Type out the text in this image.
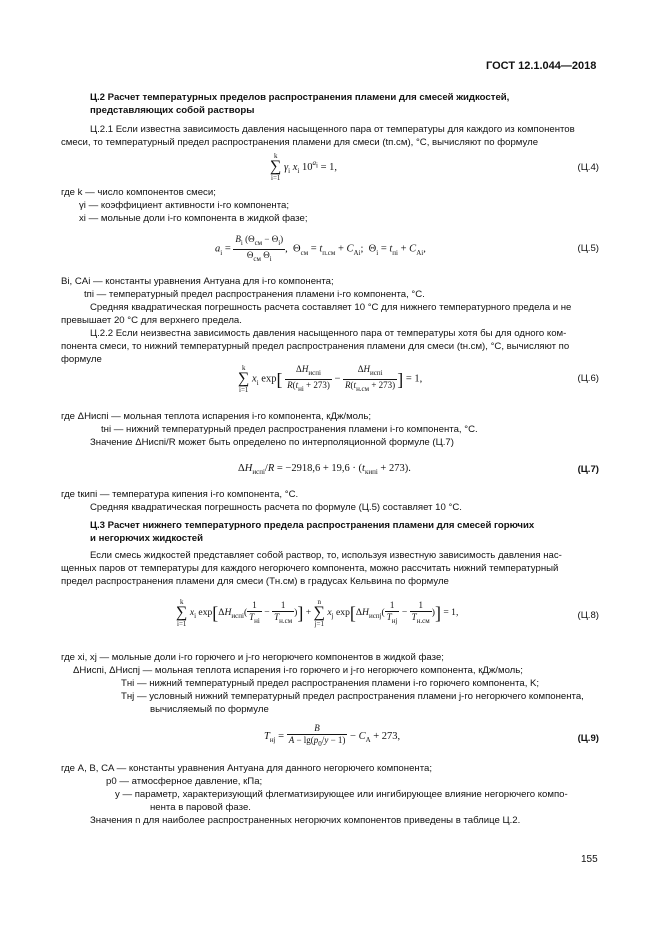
ГОСТ 12.1.044—2018
Ц.2 Расчет температурных пределов распространения пламени для смесей жидкостей,
представляющих собой растворы
Ц.2.1 Если известна зависимость давления насыщенного пара от температуры для каждого из компонентов
смеси, то температурный предел распространения пламени для смеси (tп.см), °С, вычисляют по формуле
k
∑
i=1 $\gamma_i$ $x_i$ $10^{a_i} = 1$,	(Ц.4)
где k — число компонентов смеси;
γi — коэффициент активности i-го компонента;
xi — мольные доли i-го компонента в жидкой фазе;
$a_i = \frac{B_i (\Theta_{см} - \Theta_i)}{\Theta_{см} \Theta_i}$ ,  $\Theta_{см} = t_{п.см} + C_{Ai}$;  $\Theta_i = t_{пi} + C_{Ai}$,	(Ц.5)
Bi, CAi — константы уравнения Антуана для i-го компонента;
tпi — температурный предел распространения пламени i-го компонента, °С.
Средняя квадратическая погрешность расчета составляет 10 °С для нижнего температурного предела и не
превышает 20 °С для верхнего предела.
Ц.2.2 Если неизвестна зависимость давления насыщенного пара от температуры хотя бы для одного ком-
понента смеси, то нижний температурный предел распространения пламени для смеси (tн.см), °С, вычисляют по
формуле
k
∑
i=1 $x_i$ $\exp[ \frac{\Delta H_{испi}}{R(t_{нi} + 273)} - \frac{\Delta H_{испi}}{R(t_{н.см} + 273)}$ ] = 1,	(Ц.6)
где ΔHиспi — мольная теплота испарения i-го компонента, кДж/моль;
tнi — нижний температурный предел распространения пламени i-го компонента, °С.
Значение ΔHиспi/R может быть определено по интерполяционной формуле (Ц.7)
$\Delta H_{испi}/R = -2918,6 + 19,6 \cdot (t_{кипi} + 273)$.	(Ц.7)
где tкипi — температура кипения i-го компонента, °С.
Средняя квадратическая погрешность расчета по формуле (Ц.5) составляет 10 °С.
Ц.3 Расчет нижнего температурного предела распространения пламени для смесей горючих
и негорючих жидкостей
Если смесь жидкостей представляет собой раствор, то, используя известную зависимость давления нас-
щенных паров от температуры для каждого негорючего компонента, можно рассчитать нижний температурный
предел распространения пламени для смеси (Tн.см) в градусах Кельвина по формуле
k
∑
i=1 $x_i$ $\exp[\Delta H_{испi}( \frac{1}{T_{нi}} - \frac{1}{T_{н.см}}$ )] + n
∑
j=1 $x_j$ $\exp[\Delta H_{испj}( \frac{1}{T_{нj}} - \frac{1}{T_{н.см}}$ )] = 1,	(Ц.8)
где xi, xj — мольные доли i-го горючего и j-го негорючего компонентов в жидкой фазе;
ΔHиспi, ΔHиспj — мольная теплота испарения i-го горючего и j-го негорючего компонента, кДж/моль;
Tнi — нижний температурный предел распространения пламени i-го горючего компонента, K;
Tнj — условный нижний температурный предел распространения пламени j-го негорючего компонента,
вычисляемый по формуле
$T_{нj} = \frac{B}{A - \lg(p_0/y - 1)} - C_A + 273$,	(Ц.9)
где A, B, CA — константы уравнения Антуана для данного негорючего компонента;
p0 — атмосферное давление, кПа;
y — параметр, характеризующий флегматизирующее или ингибирующее влияние негорючего компо-
нента в паровой фазе.
Значения n для наиболее распространенных негорючих компонентов приведены в таблице Ц.2.
155
